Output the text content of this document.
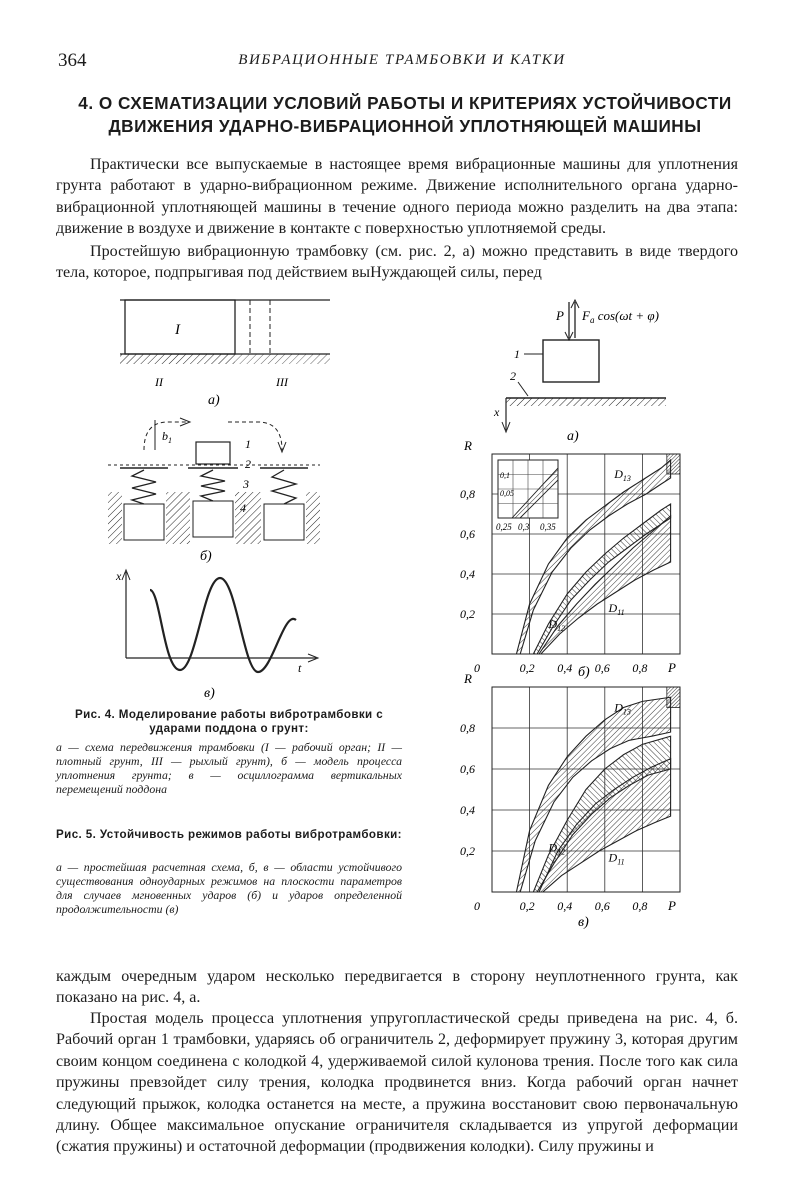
364	ВИБРАЦИОННЫЕ ТРАМБОВКИ И КАТКИ
4. О СХЕМАТИЗАЦИИ УСЛОВИЙ РАБОТЫ И КРИТЕРИЯХ УСТОЙЧИВОСТИ
ДВИЖЕНИЯ УДАРНО-ВИБРАЦИОННОЙ УПЛОТНЯЮЩЕЙ МАШИНЫ

Практически все выпускаемые в настоящее время вибрационные машины для уплотнения грунта работают в ударно-вибрационном режиме. Движение исполнительного органа ударно-вибрационной уплотняющей машины в течение одного периода можно разделить на два этапа: движение в воздухе и движение в контакте с поверхностью уплотняемой среды.

Простейшую вибрационную трамбовку (см. рис. 2, а) можно представить в виде твердого тела, которое, подпрыгивая под действием выНуждающей силы, перед

I
II	III
а)
$b_1$	1
2
3
4
б)
x
t
в)

Рис. 4. Моделирование работы вибротрамбовки с ударами поддона о грунт:

а — схема передвижения трамбовки (I — рабочий орган; II — плотный грунт, III — рыхлый грунт), б — модель процесса уплотнения грунта; в — осциллограмма вертикальных перемещений поддона

Рис. 5. Устойчивость режимов работы вибротрамбовки:

а — простейшая расчетная схема, б, в — области устойчивого существования одноударных режимов на плоскости параметров для случаев мгновенных ударов (б) и ударов определенной продолжительности (в)

P $F_a$ cos(ωt + φ)
1
2
x
а)
R
P
0	0,2 0,4 0,6 0,8
0,2
0,4
0,6
0,8
$D_{13}$
D
$D_{11}$
б)
0,25 0,3 0,35
0,1
0,05
R
P
0	0,2 0,4 0,6 0,8
0,2
0,4
0,6
0,8
$D_{13}$
D
$D_{11}$
в)

каждым очередным ударом несколько передвигается в сторону неуплотненного грунта, как показано на рис. 4, а.

Простая модель процесса уплотнения упругопластической среды приведена на рис. 4, б. Рабочий орган 1 трамбовки, ударяясь об ограничитель 2, деформирует пружину 3, которая другим своим концом соединена с колодкой 4, удерживаемой силой кулонова трения. После того как сила пружины превзойдет силу трения, колодка продвинется вниз. Когда рабочий орган начнет следующий прыжок, колодка останется на месте, а пружина восстановит свою первоначальную длину. Общее максимальное опускание ограничителя складывается из упругой деформации (сжатия пружины) и остаточной деформации (продвижения колодки). Силу пружины и
